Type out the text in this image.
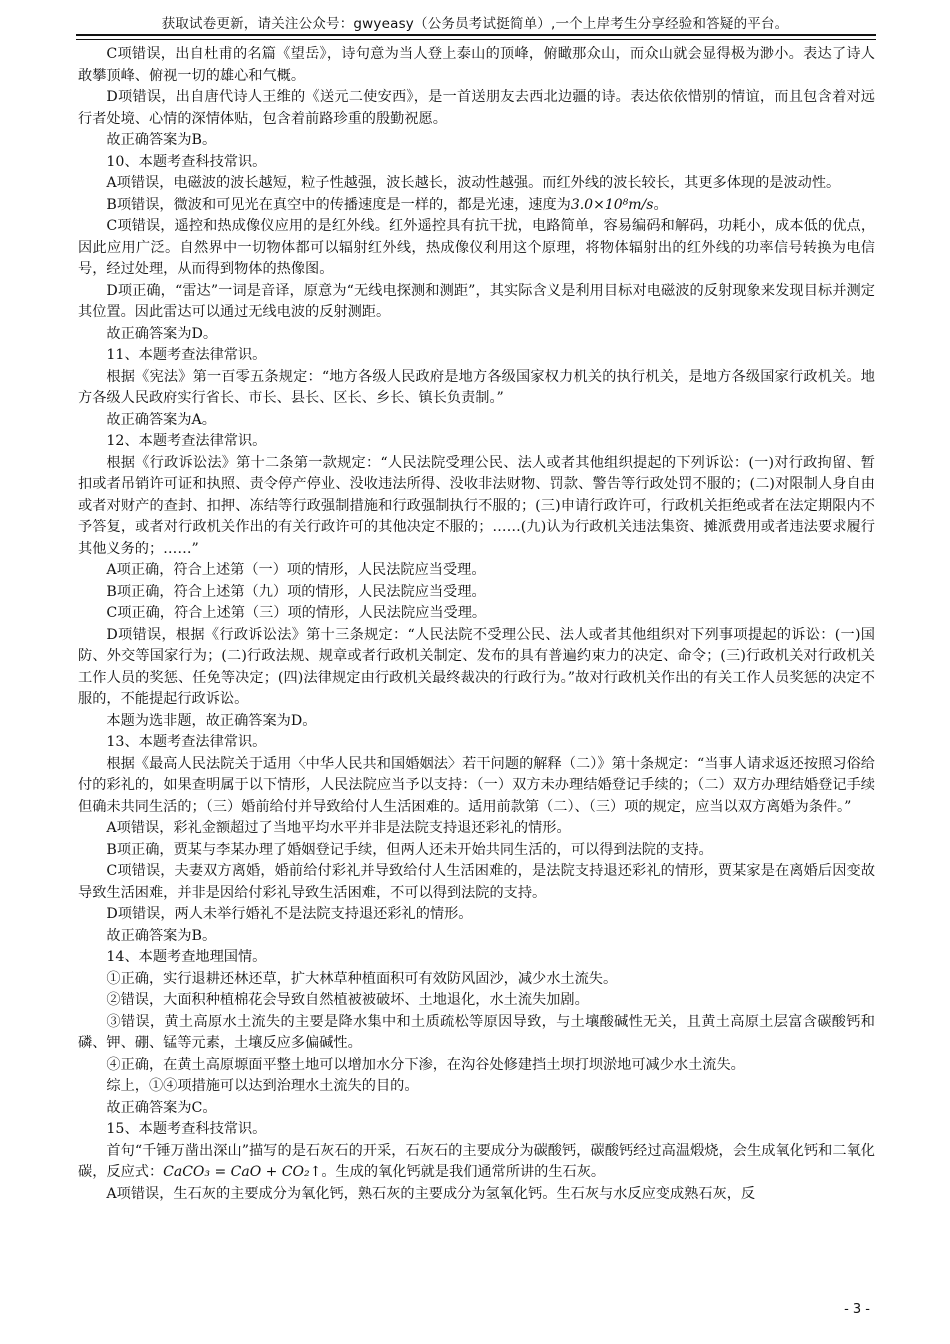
获取试卷更新，请关注公众号：gwyeasy（公务员考试挺简单）,一个上岸考生分享经验和答疑的平台。

C项错误，出自杜甫的名篇《望岳》，诗句意为当人登上泰山的顶峰，俯瞰那众山，而众山就会显得极为渺小。表达了诗人敢攀顶峰、俯视一切的雄心和气概。

D项错误，出自唐代诗人王维的《送元二使安西》，是一首送朋友去西北边疆的诗。表达依依惜别的情谊，而且包含着对远行者处境、心情的深情体贴，包含着前路珍重的殷勤祝愿。

故正确答案为B。

10、本题考查科技常识。

A项错误，电磁波的波长越短，粒子性越强，波长越长，波动性越强。而红外线的波长较长，其更多体现的是波动性。

B项错误，微波和可见光在真空中的传播速度是一样的，都是光速，速度为3.0×10⁸m/s。

C项错误，遥控和热成像仪应用的是红外线。红外遥控具有抗干扰，电路简单，容易编码和解码，功耗小，成本低的优点，因此应用广泛。自然界中一切物体都可以辐射红外线，热成像仪利用这个原理，将物体辐射出的红外线的功率信号转换为电信号，经过处理，从而得到物体的热像图。

D项正确，“雷达”一词是音译，原意为“无线电探测和测距”，其实际含义是利用目标对电磁波的反射现象来发现目标并测定其位置。因此雷达可以通过无线电波的反射测距。

故正确答案为D。

11、本题考查法律常识。

根据《宪法》第一百零五条规定：“地方各级人民政府是地方各级国家权力机关的执行机关，是地方各级国家行政机关。地方各级人民政府实行省长、市长、县长、区长、乡长、镇长负责制。”

故正确答案为A。

12、本题考查法律常识。

根据《行政诉讼法》第十二条第一款规定：“人民法院受理公民、法人或者其他组织提起的下列诉讼：(一)对行政拘留、暂扣或者吊销许可证和执照、责令停产停业、没收违法所得、没收非法财物、罚款、警告等行政处罚不服的；(二)对限制人身自由或者对财产的查封、扣押、冻结等行政强制措施和行政强制执行不服的；(三)申请行政许可，行政机关拒绝或者在法定期限内不予答复，或者对行政机关作出的有关行政许可的其他决定不服的；……(九)认为行政机关违法集资、摊派费用或者违法要求履行其他义务的；……”

A项正确，符合上述第（一）项的情形，人民法院应当受理。

B项正确，符合上述第（九）项的情形，人民法院应当受理。

C项正确，符合上述第（三）项的情形，人民法院应当受理。

D项错误，根据《行政诉讼法》第十三条规定：“人民法院不受理公民、法人或者其他组织对下列事项提起的诉讼：(一)国防、外交等国家行为；(二)行政法规、规章或者行政机关制定、发布的具有普遍约束力的决定、命令；(三)行政机关对行政机关工作人员的奖惩、任免等决定；(四)法律规定由行政机关最终裁决的行政行为。”故对行政机关作出的有关工作人员奖惩的决定不服的，不能提起行政诉讼。

本题为选非题，故正确答案为D。

13、本题考查法律常识。

根据《最高人民法院关于适用〈中华人民共和国婚姻法〉若干问题的解释（二）》第十条规定：“当事人请求返还按照习俗给付的彩礼的，如果查明属于以下情形，人民法院应当予以支持：（一）双方未办理结婚登记手续的；（二）双方办理结婚登记手续但确未共同生活的；（三）婚前给付并导致给付人生活困难的。适用前款第（二）、（三）项的规定，应当以双方离婚为条件。”

A项错误，彩礼金额超过了当地平均水平并非是法院支持退还彩礼的情形。

B项正确，贾某与李某办理了婚姻登记手续，但两人还未开始共同生活的，可以得到法院的支持。

C项错误，夫妻双方离婚，婚前给付彩礼并导致给付人生活困难的，是法院支持退还彩礼的情形，贾某家是在离婚后因变故导致生活困难，并非是因给付彩礼导致生活困难，不可以得到法院的支持。

D项错误，两人未举行婚礼不是法院支持退还彩礼的情形。

故正确答案为B。

14、本题考查地理国情。

①正确，实行退耕还林还草，扩大林草种植面积可有效防风固沙，减少水土流失。

②错误，大面积种植棉花会导致自然植被被破坏、土地退化，水土流失加剧。

③错误，黄土高原水土流失的主要是降水集中和土质疏松等原因导致，与土壤酸碱性无关，且黄土高原土层富含碳酸钙和磷、钾、硼、锰等元素，土壤反应多偏碱性。

④正确，在黄土高原塬面平整土地可以增加水分下渗，在沟谷处修建挡土坝打坝淤地可减少水土流失。

综上，①④项措施可以达到治理水土流失的目的。

故正确答案为C。

15、本题考查科技常识。

首句“千锤万凿出深山”描写的是石灰石的开采，石灰石的主要成分为碳酸钙，碳酸钙经过高温煅烧，会生成氧化钙和二氧化碳，反应式：CaCO₃ = CaO + CO₂↑。生成的氧化钙就是我们通常所讲的生石灰。

A项错误，生石灰的主要成分为氧化钙，熟石灰的主要成分为氢氧化钙。生石灰与水反应变成熟石灰，反

- 3 -
